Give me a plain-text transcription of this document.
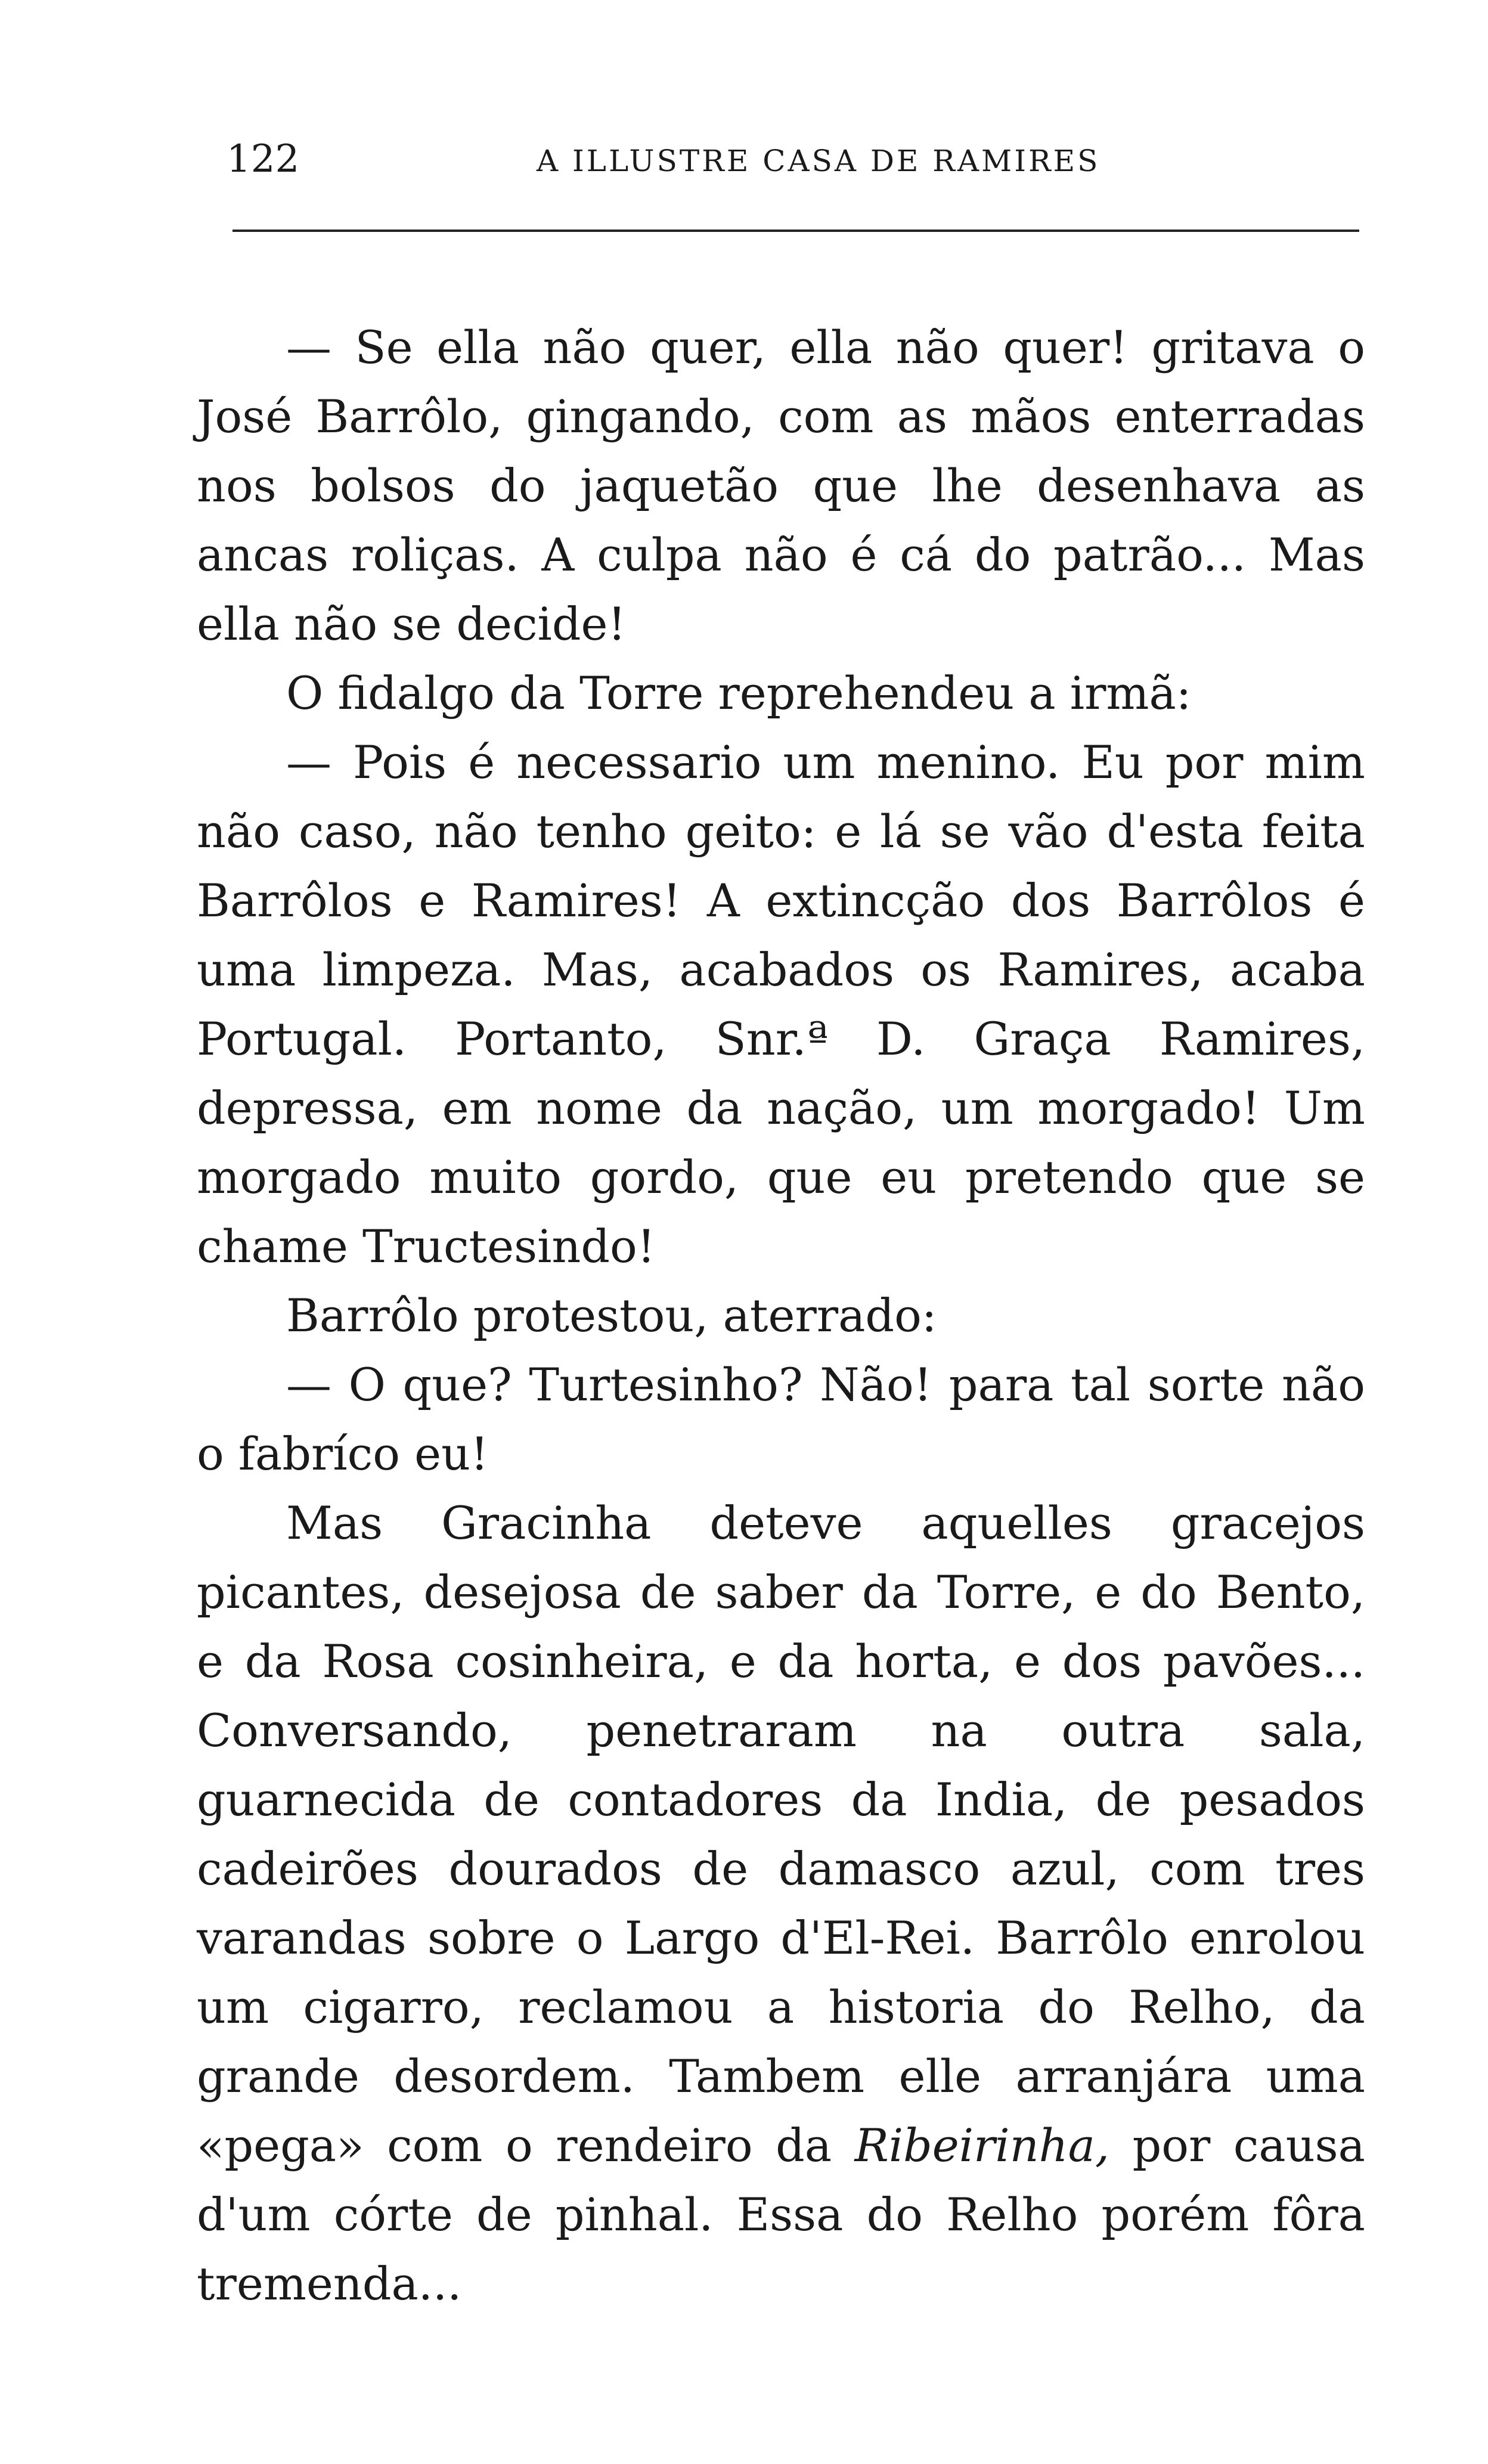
122	A ILLUSTRE CASA DE RAMIRES

— Se ella não quer, ella não quer! gritava o José Barrôlo, gingando, com as mãos enterradas nos bolsos do jaquetão que lhe desenhava as ancas roliças. A culpa não é cá do patrão... Mas ella não se decide!

O fidalgo da Torre reprehendeu a irmã:

— Pois é necessario um menino. Eu por mim não caso, não tenho geito: e lá se vão d'esta feita Barrôlos e Ramires! A extincção dos Barrôlos é uma limpeza. Mas, acabados os Ramires, acaba Portugal. Portanto, Snr.ª D. Graça Ramires, depressa, em nome da nação, um morgado! Um morgado muito gordo, que eu pretendo que se chame Tructesindo!

Barrôlo protestou, aterrado:

— O que? Turtesinho? Não! para tal sorte não o fabríco eu!

Mas Gracinha deteve aquelles gracejos picantes, desejosa de saber da Torre, e do Bento, e da Rosa cosinheira, e da horta, e dos pavões... Conversando, penetraram na outra sala, guarnecida de contadores da India, de pesados cadeirões dourados de damasco azul, com tres varandas sobre o Largo d'El-Rei. Barrôlo enrolou um cigarro, reclamou a historia do Relho, da grande desordem. Tambem elle arranjára uma «pega» com o rendeiro da Ribeirinha, por causa d'um córte de pinhal. Essa do Relho porém fôra tremenda...
